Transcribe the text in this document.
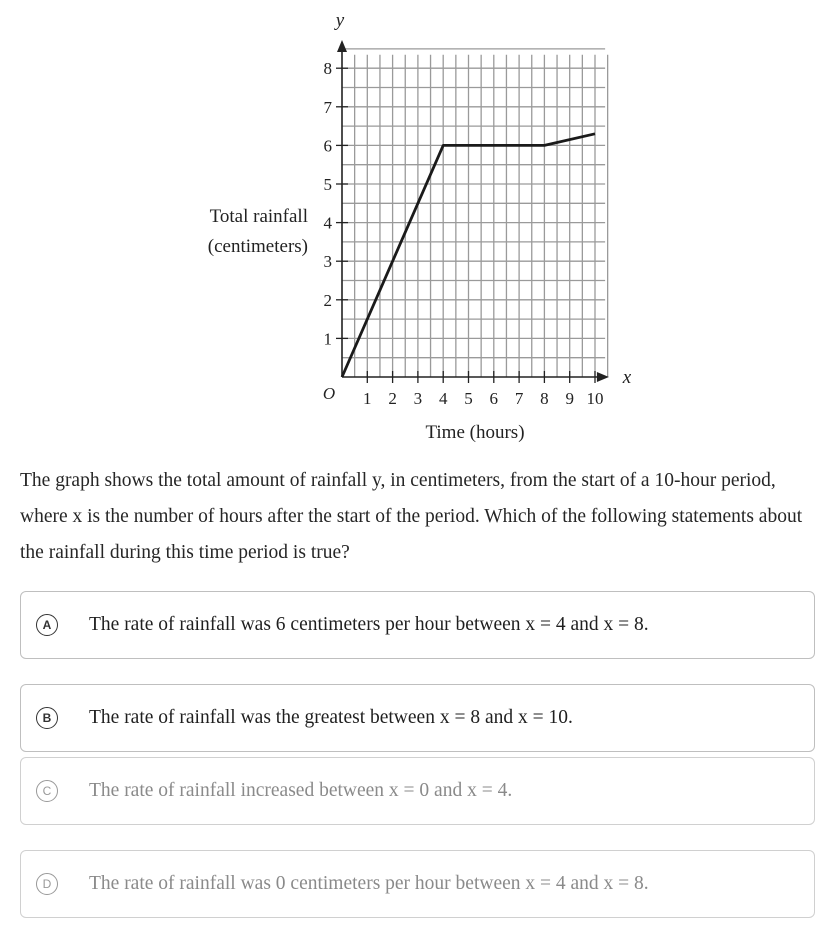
y
x
O
1
2
3
4
5
6
7
8
1 2 3 4 5 6 7 8 9 10
Total rainfall
(centimeters)
Time (hours)
The graph shows the total amount of rainfall y, in centimeters, from the start of a 10-hour period, where x is the number of hours after the start of the period. Which of the following statements about the rainfall during this time period is true?
A	The rate of rainfall was 6 centimeters per hour between x = 4 and x = 8.
B	The rate of rainfall was the greatest between x = 8 and x = 10.
C	The rate of rainfall increased between x = 0 and x = 4.
D	The rate of rainfall was 0 centimeters per hour between x = 4 and x = 8.
